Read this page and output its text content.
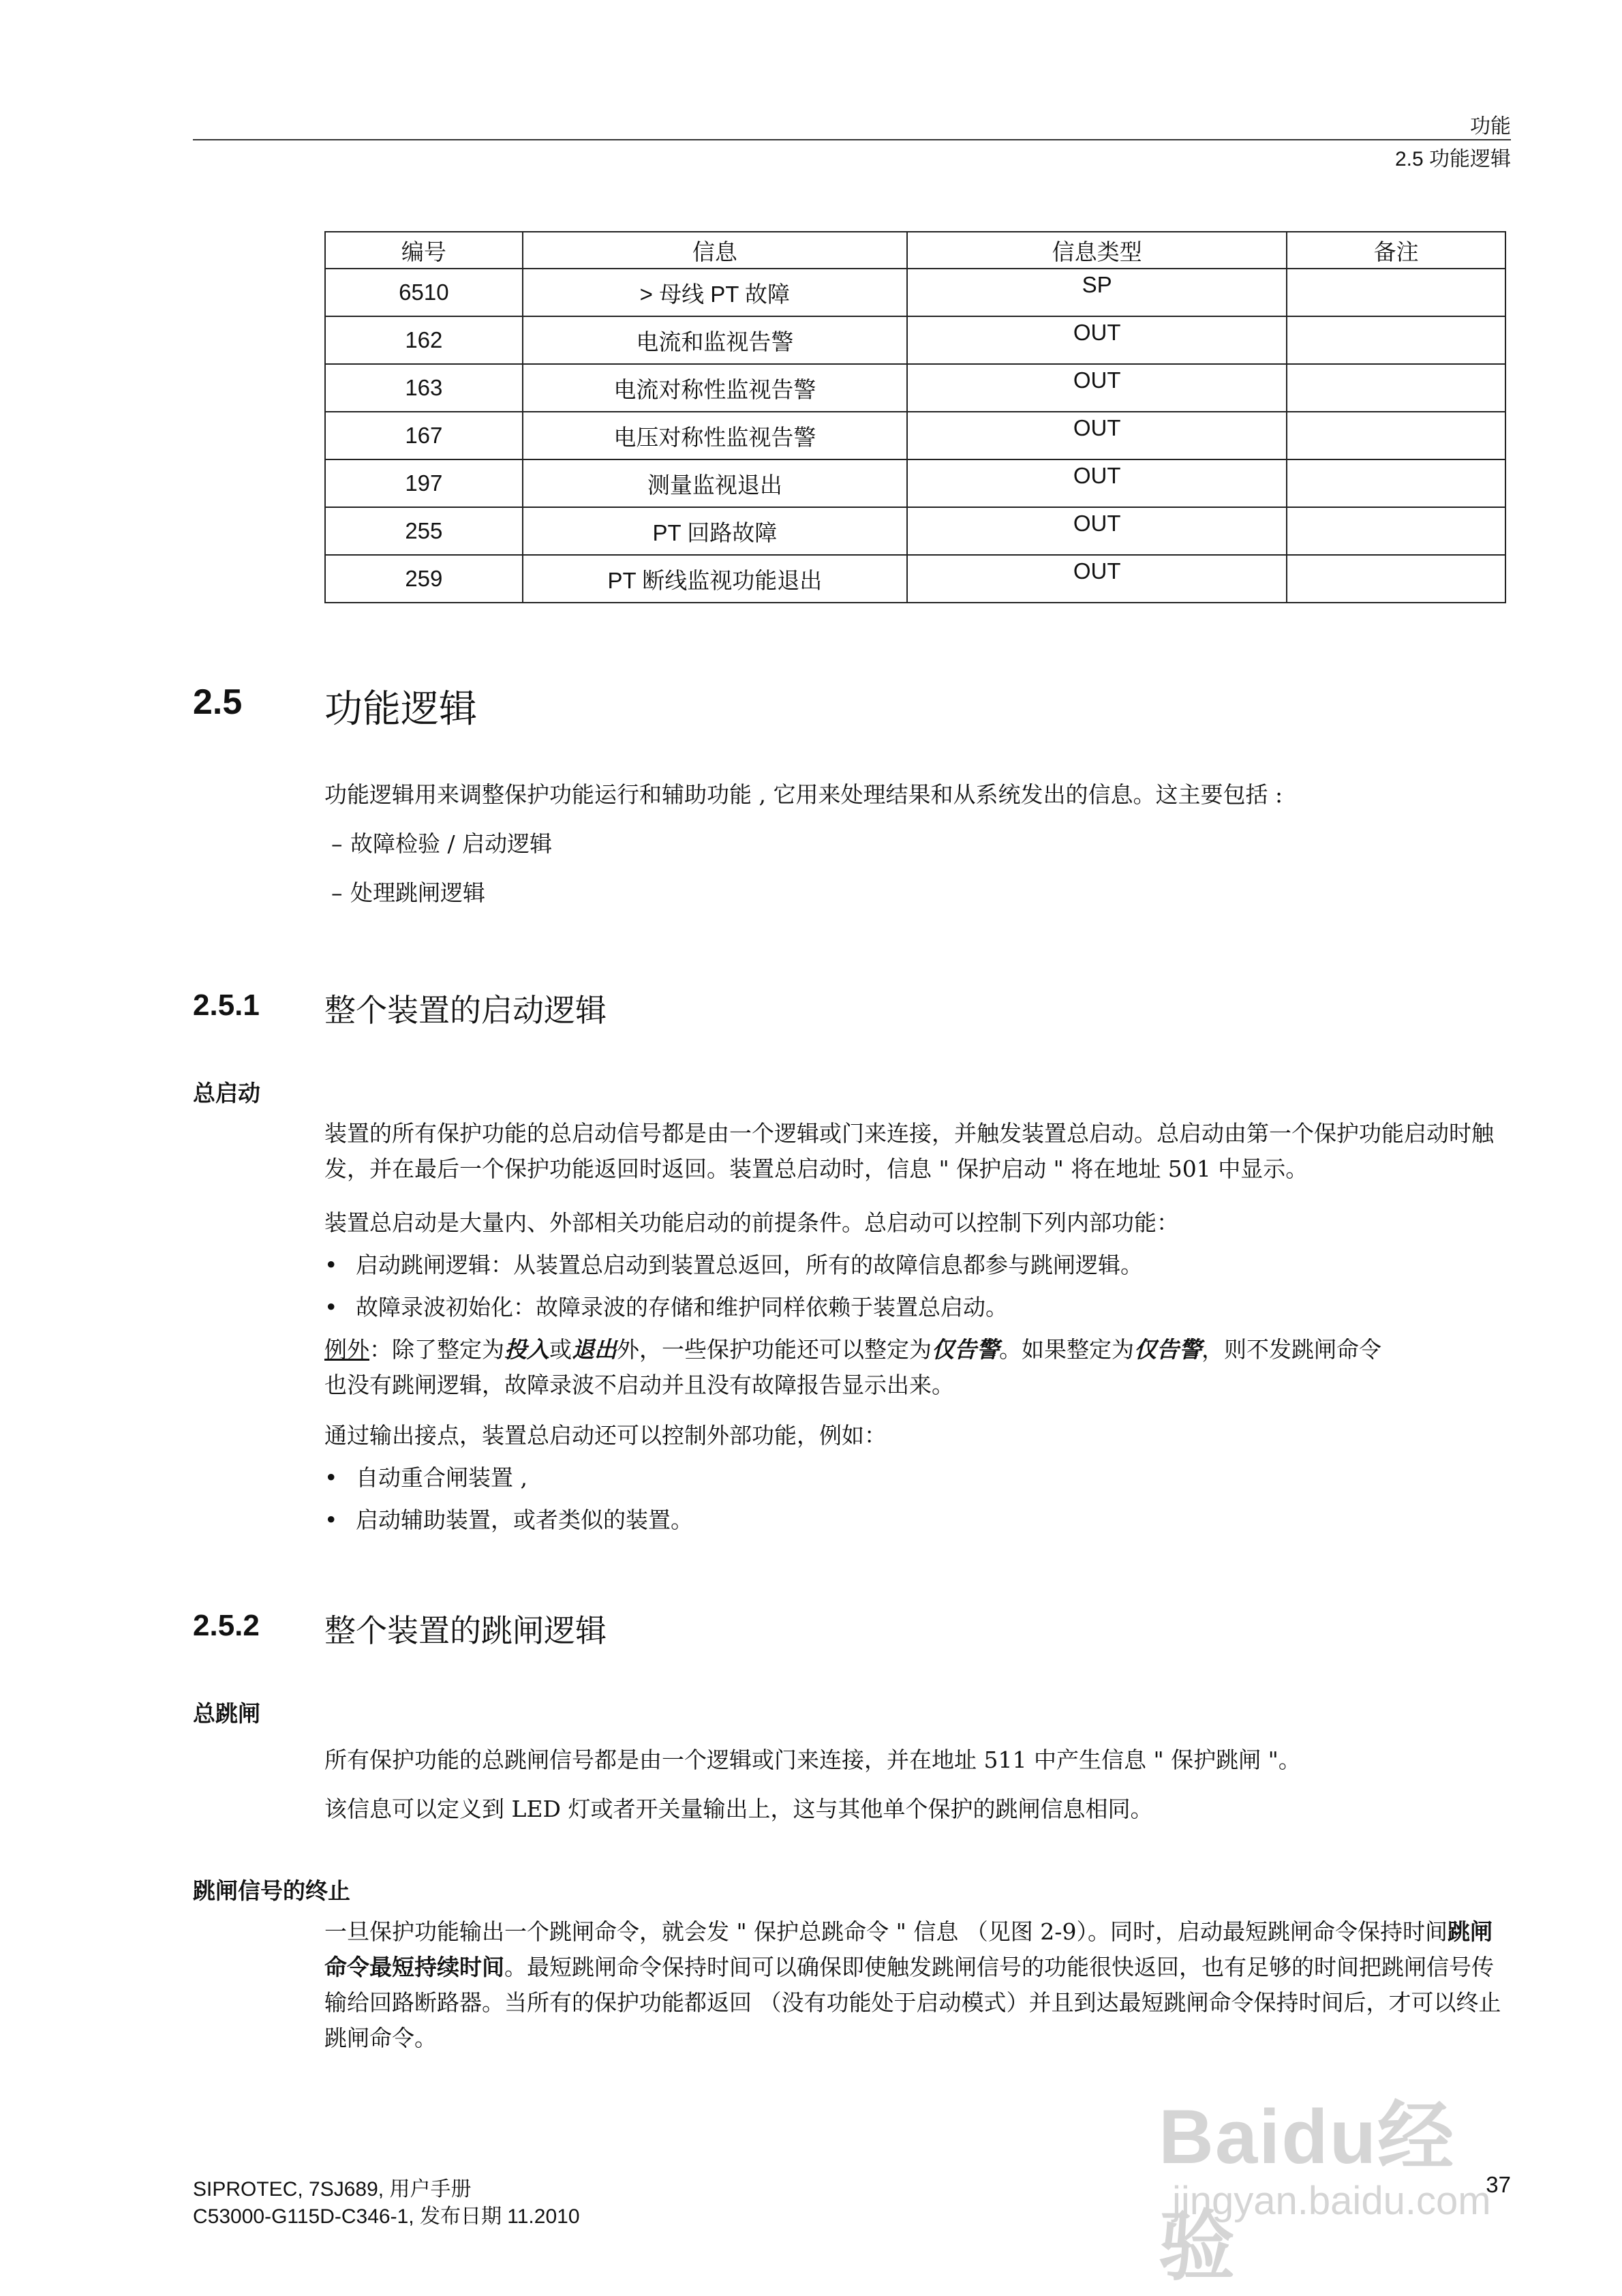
功能
2.5 功能逻辑
编号	信息	信息类型	备注
6510	> 母线 PT 故障	SP	
162	电流和监视告警	OUT	
163	电流对称性监视告警	OUT	
167	电压对称性监视告警	OUT	
197	测量监视退出	OUT	
255	PT 回路故障	OUT	
259	PT 断线监视功能退出	OUT	
2.5 功能逻辑
功能逻辑用来调整保护功能运行和辅助功能 , 它用来处理结果和从系统发出的信息。这主要包括 :
– 故障检验 / 启动逻辑
– 处理跳闸逻辑
2.5.1 整个装置的启动逻辑
总启动

装置的所有保护功能的总启动信号都是由一个逻辑或门来连接，并触发装置总启动。总启动由第一个保护功能启动时触发，并在最后一个保护功能返回时返回。装置总启动时，信息 " 保护启动 " 将在地址 501 中显示。

装置总启动是大量内、外部相关功能启动的前提条件。总启动可以控制下列内部功能：
• 启动跳闸逻辑：从装置总启动到装置总返回，所有的故障信息都参与跳闸逻辑。
• 故障录波初始化：故障录波的存储和维护同样依赖于装置总启动。
例外：除了整定为投入或退出外，一些保护功能还可以整定为仅告警。如果整定为仅告警，则不发跳闸命令
也没有跳闸逻辑，故障录波不启动并且没有故障报告显示出来。
通过输出接点，装置总启动还可以控制外部功能，例如：
• 自动重合闸装置 ,
• 启动辅助装置，或者类似的装置。
2.5.2 整个装置的跳闸逻辑
总跳闸
所有保护功能的总跳闸信号都是由一个逻辑或门来连接，并在地址 511 中产生信息 " 保护跳闸 "。
该信息可以定义到 LED 灯或者开关量输出上，这与其他单个保护的跳闸信息相同。
跳闸信号的终止

一旦保护功能输出一个跳闸命令，就会发 " 保护总跳命令 " 信息 （见图 2-9）。同时，启动最短跳闸命令保持时间跳闸命令最短持续时间。最短跳闸命令保持时间可以确保即使触发跳闸信号的功能很快返回，也有足够的时间把跳闸信号传输给回路断路器。当所有的保护功能都返回 （没有功能处于启动模式）并且到达最短跳闸命令保持时间后，才可以终止跳闸命令。

Baidu经验
jingyan.baidu.com
SIPROTEC, 7SJ689, 用户手册
C53000-G115D-C346-1, 发布日期 11.2010
37
